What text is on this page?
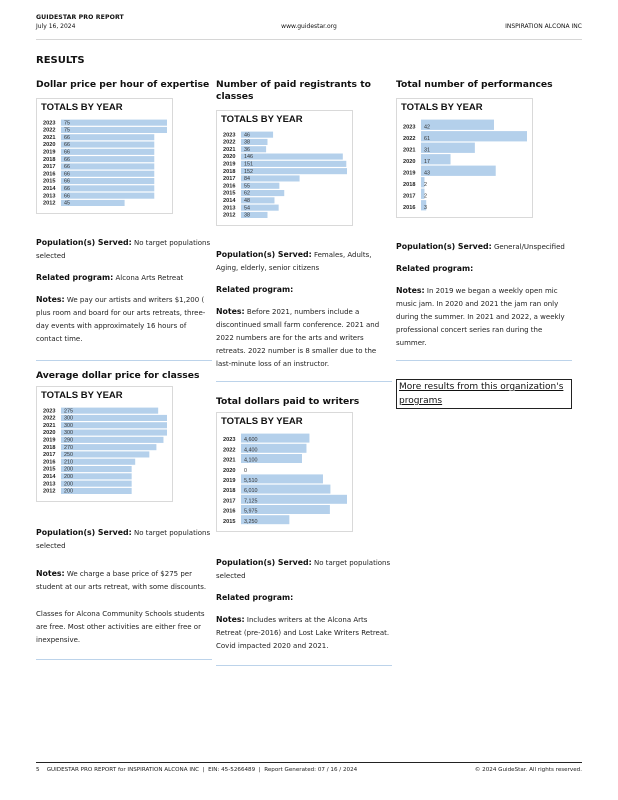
GUIDESTAR PRO REPORT
July 16, 2024	www.guidestar.org	INSPIRATION ALCONA INC
RESULTS
Dollar price per hour of expertise
TOTALS BY YEAR
2023 75
2022 75
2021 66
2020 66
2019 66
2018 66
2017 66
2016 66
2015 66
2014 66
2013 66
2012 45
Population(s) Served: No target populations selected
Related program: Alcona Arts Retreat
Notes: We pay our artists and writers $1,200 ( plus room and board for our arts retreats, three-day events with approximately 16 hours of contact time.
Number of paid registrants to classes
TOTALS BY YEAR
2023 46
2022 38
2021 36
2020 146
2019 151
2018 152
2017 84
2016 55
2015 62
2014 48
2013 54
2012 38
Population(s) Served: Females, Adults, Aging, elderly, senior citizens
Related program:
Notes: Before 2021, numbers include a discontinued small farm conference. 2021 and 2022 numbers are for the arts and writers retreats. 2022 number is 8 smaller due to the last-minute loss of an instructor.
Total number of performances
TOTALS BY YEAR
2023 42
2022 61
2021 31
2020 17
2019 43
2018 2
2017 2
2016 3
Population(s) Served: General/Unspecified
Related program:
Notes: In 2019 we began a weekly open mic music jam. In 2020 and 2021 the jam ran only during the summer. In 2021 and 2022, a weekly professional concert series ran during the summer.
More results from this organization's programs
Average dollar price for classes
TOTALS BY YEAR
2023 275
2022 300
2021 300
2020 300
2019 290
2018 270
2017 250
2016 210
2015 200
2014 200
2013 200
2012 200
Population(s) Served: No target populations selected
Notes: We charge a base price of $275 per student at our arts retreat, with some discounts.
Classes for Alcona Community Schools students are free. Most other activities are either free or inexpensive.
Total dollars paid to writers
TOTALS BY YEAR
2023 4,600
2022 4,400
2021 4,100
2020 0
2019 5,510
2018 6,010
2017 7,125
2016 5,975
2015 3,250
Population(s) Served: No target populations selected
Related program:
Notes: Includes writers at the Alcona Arts Retreat (pre-2016) and Lost Lake Writers Retreat. Covid impacted 2020 and 2021.
5 GUIDESTAR PRO REPORT for INSPIRATION ALCONA INC  |  EIN: 45-5266489  |  Report Generated: 07 / 16 / 2024	© 2024 GuideStar. All rights reserved.
